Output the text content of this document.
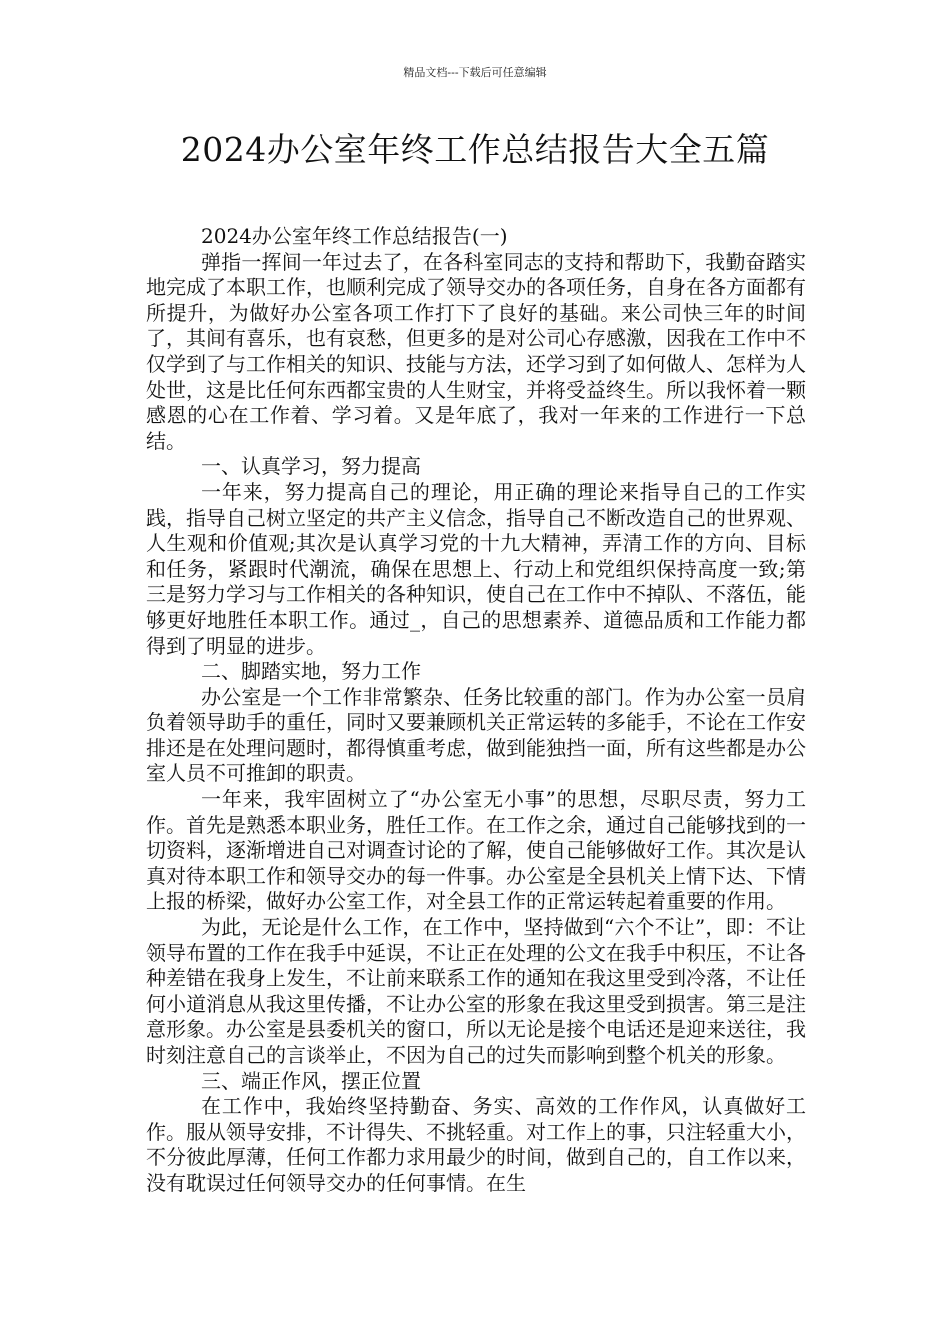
精品文档---下载后可任意编辑
2024办公室年终工作总结报告大全五篇

2024办公室年终工作总结报告(一)

弹指一挥间一年过去了，在各科室同志的支持和帮助下，我勤奋踏实地完成了本职工作，也顺利完成了领导交办的各项任务，自身在各方面都有所提升，为做好办公室各项工作打下了良好的基础。来公司快三年的时间了，其间有喜乐，也有哀愁，但更多的是对公司心存感激，因我在工作中不仅学到了与工作相关的知识、技能与方法，还学习到了如何做人、怎样为人处世，这是比任何东西都宝贵的人生财宝，并将受益终生。所以我怀着一颗感恩的心在工作着、学习着。又是年底了，我对一年来的工作进行一下总结。

一、认真学习，努力提高

一年来，努力提高自己的理论，用正确的理论来指导自己的工作实践，指导自己树立坚定的共产主义信念，指导自己不断改造自己的世界观、人生观和价值观;其次是认真学习党的十九大精神，弄清工作的方向、目标和任务，紧跟时代潮流，确保在思想上、行动上和党组织保持高度一致;第三是努力学习与工作相关的各种知识，使自己在工作中不掉队、不落伍，能够更好地胜任本职工作。通过_，自己的思想素养、道德品质和工作能力都得到了明显的进步。

二、脚踏实地，努力工作

办公室是一个工作非常繁杂、任务比较重的部门。作为办公室一员肩负着领导助手的重任，同时又要兼顾机关正常运转的多能手，不论在工作安排还是在处理问题时，都得慎重考虑，做到能独挡一面，所有这些都是办公室人员不可推卸的职责。

一年来，我牢固树立了“办公室无小事”的思想，尽职尽责，努力工作。首先是熟悉本职业务，胜任工作。在工作之余，通过自己能够找到的一切资料，逐渐增进自己对调查讨论的了解，使自己能够做好工作。其次是认真对待本职工作和领导交办的每一件事。办公室是全县机关上情下达、下情上报的桥梁，做好办公室工作，对全县工作的正常运转起着重要的作用。

为此，无论是什么工作，在工作中，坚持做到“六个不让”，即：不让领导布置的工作在我手中延误，不让正在处理的公文在我手中积压，不让各种差错在我身上发生，不让前来联系工作的通知在我这里受到冷落，不让任何小道消息从我这里传播，不让办公室的形象在我这里受到损害。第三是注意形象。办公室是县委机关的窗口，所以无论是接个电话还是迎来送往，我时刻注意自己的言谈举止，不因为自己的过失而影响到整个机关的形象。

三、端正作风，摆正位置

在工作中，我始终坚持勤奋、务实、高效的工作作风，认真做好工作。服从领导安排，不计得失、不挑轻重。对工作上的事，只注轻重大小，不分彼此厚薄，任何工作都力求用最少的时间，做到自己的，自工作以来，没有耽误过任何领导交办的任何事情。在生
